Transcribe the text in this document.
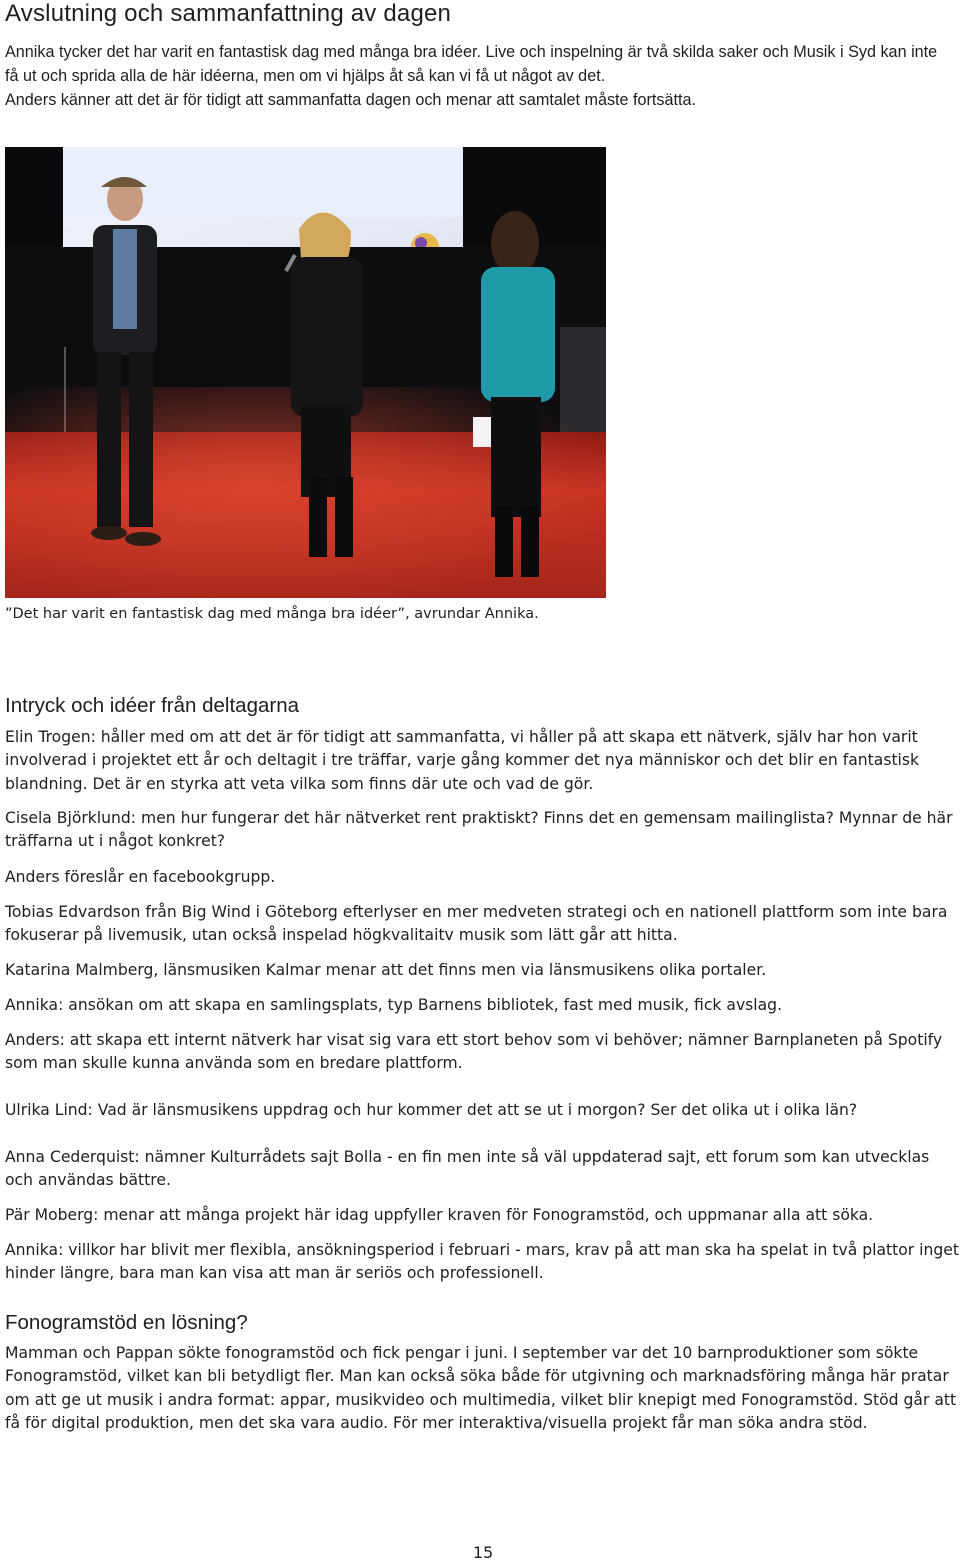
Avslutning och sammanfattning av dagen

Annika tycker det har varit en fantastisk dag med många bra idéer. Live och inspelning är två skilda saker och Musik i Syd kan inte få ut och sprida alla de här idéerna, men om vi hjälps åt så kan vi få ut något av det.

Anders känner att det är för tidigt att sammanfatta dagen och menar att samtalet måste fortsätta.

”Det har varit en fantastisk dag med många bra idéer”, avrundar Annika.
Intryck och idéer från deltagarna

Elin Trogen: håller med om att det är för tidigt att sammanfatta, vi håller på att skapa ett nätverk, själv har hon varit involverad i projektet ett år och deltagit i tre träffar, varje gång kommer det nya människor och det blir en fantastisk blandning. Det är en styrka att veta vilka som finns där ute och vad de gör.

Cisela Björklund: men hur fungerar det här nätverket rent praktiskt? Finns det en gemensam mailinglista? Mynnar de här träffarna ut i något konkret?

Anders föreslår en facebookgrupp.

Tobias Edvardson från Big Wind i Göteborg efterlyser en mer medveten strategi och en nationell plattform som inte bara fokuserar på livemusik, utan också inspelad högkvalitaitv musik som lätt går att hitta.

Katarina Malmberg, länsmusiken Kalmar menar att det finns men via länsmusikens olika portaler.

Annika: ansökan om att skapa en samlingsplats, typ Barnens bibliotek, fast med musik, fick avslag.

Anders: att skapa ett internt nätverk har visat sig vara ett stort behov som vi behöver; nämner Barnplaneten på Spotify som man skulle kunna använda som en bredare plattform.

Ulrika Lind: Vad är länsmusikens uppdrag och hur kommer det att se ut i morgon? Ser det olika ut i olika län?

Anna Cederquist: nämner Kulturrådets sajt Bolla - en fin men inte så väl uppdaterad sajt, ett forum som kan utvecklas och användas bättre.

Pär Moberg: menar att många projekt här idag uppfyller kraven för Fonogramstöd, och uppmanar alla att söka.

Annika: villkor har blivit mer flexibla, ansökningsperiod i februari - mars, krav på att man ska ha spelat in två plattor inget hinder längre, bara man kan visa att man är seriös och professionell.

Fonogramstöd en lösning?

Mamman och Pappan sökte fonogramstöd och fick pengar i juni. I september var det 10 barnproduktioner som sökte Fonogramstöd, vilket kan bli betydligt fler. Man kan också söka både för utgivning och marknadsföring många här pratar om att ge ut musik i andra format: appar, musikvideo och multimedia, vilket blir knepigt med Fonogramstöd. Stöd går att få för digital produktion, men det ska vara audio. För mer interaktiva/visuella projekt får man söka andra stöd.

15
